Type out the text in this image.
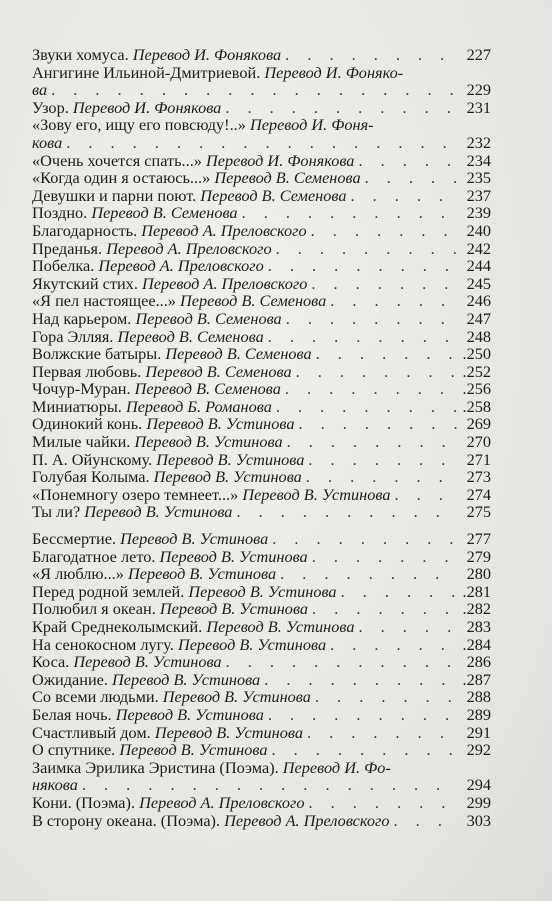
Звуки хомуса. Перевод И. Фонякова . . .	227
Ангигине Ильиной-Дмитриевой. Перевод И. Фоняко-
ва . . .	229
Узор. Перевод И. Фонякова . . .	231
«Зову его, ищу его повсюду!..» Перевод И. Фоня-
кова . . .	232
«Очень хочется спать...» Перевод И. Фонякова . . .	234
«Когда один я остаюсь...» Перевод В. Семенова . . .	235
Девушки и парни поют. Перевод В. Семенова . . .	237
Поздно. Перевод В. Семенова . . .	239
Благодарность. Перевод А. Преловского . . .	240
Преданья. Перевод А. Преловского . . .	242
Побелка. Перевод А. Преловского . . .	244
Якутский стих. Перевод А. Преловского . . .	245
«Я пел настоящее...» Перевод В. Семенова . . .	246
Над карьером. Перевод В. Семенова . . .	247
Гора Элляя. Перевод В. Семенова . . .	248
Волжские батыры. Перевод В. Семенова . . .	.250
Первая любовь. Перевод В. Семенова . . .	.252
Чочур-Муран. Перевод В. Семенова . . .	.256
Миниатюры. Перевод Б. Романова . . .	.258
Одинокий конь. Перевод В. Устинова . . .	269
Милые чайки. Перевод В. Устинова . . .	270
П. А. Ойунскому. Перевод В. Устинова . . .	271
Голубая Колыма. Перевод В. Устинова . . .	273
«Понемногу озеро темнеет...» Перевод В. Устинова . . .	274
Ты ли? Перевод В. Устинова . . .	275
Бессмертие. Перевод В. Устинова . . .	277
Благодатное лето. Перевод В. Устинова . . .	279
«Я люблю...» Перевод В. Устинова . . .	280
Перед родной землей. Перевод В. Устинова . . .	.281
Полюбил я океан. Перевод В. Устинова . . .	.282
Край Среднеколымский. Перевод В. Устинова . . .	283
На сенокосном лугу. Перевод В. Устинова . . .	.284
Коса. Перевод В. Устинова . . .	286
Ожидание. Перевод В. Устинова . . .	.287
Со всеми людьми. Перевод В. Устинова . . .	288
Белая ночь. Перевод В. Устинова . . .	289
Счастливый дом. Перевод В. Устинова . . .	291
О спутнике. Перевод В. Устинова . . .	292
Заимка Эрилика Эристина (Поэма). Перевод И. Фо-
някова . . .	294
Кони. (Поэма). Перевод А. Преловского . . .	299
В сторону океана. (Поэма). Перевод А. Преловского . . .	303
